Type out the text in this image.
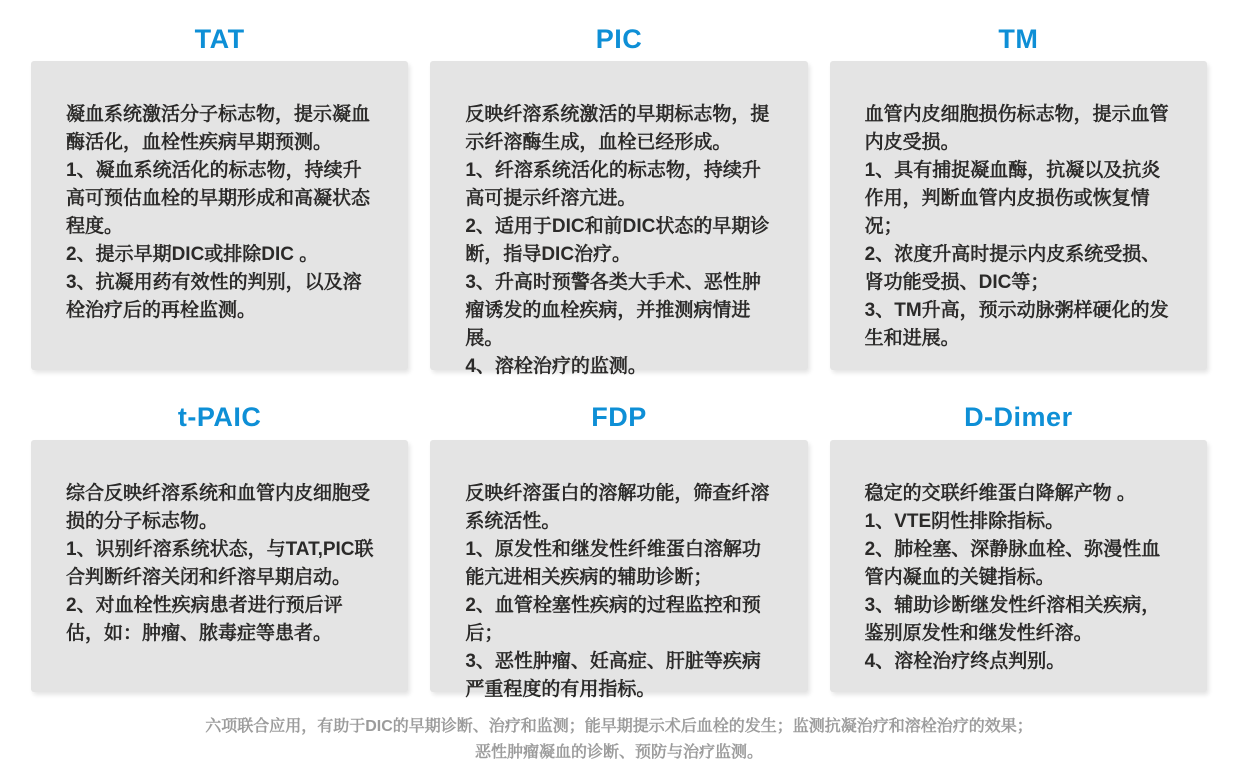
TAT

凝血系统激活分子标志物，提示凝血酶活化，血栓性疾病早期预测。

1、凝血系统活化的标志物，持续升高可预估血栓的早期形成和高凝状态程度。

2、提示早期DIC或排除DIC 。

3、抗凝用药有效性的判别，以及溶栓治疗后的再栓监测。

PIC

反映纤溶系统激活的早期标志物，提示纤溶酶生成，血栓已经形成。

1、纤溶系统活化的标志物，持续升高可提示纤溶亢进。

2、适用于DIC和前DIC状态的早期诊断，指导DIC治疗。

3、升高时预警各类大手术、恶性肿瘤诱发的血栓疾病，并推测病情进展。

4、溶栓治疗的监测。

TM

血管内皮细胞损伤标志物，提示血管内皮受损。

1、具有捕捉凝血酶，抗凝以及抗炎作用，判断血管内皮损伤或恢复情况；

2、浓度升高时提示内皮系统受损、肾功能受损、DIC等；

3、TM升高，预示动脉粥样硬化的发生和进展。

t-PAIC

综合反映纤溶系统和血管内皮细胞受损的分子标志物。

1、识别纤溶系统状态，与TAT,PIC联合判断纤溶关闭和纤溶早期启动。

2、对血栓性疾病患者进行预后评估，如：肿瘤、脓毒症等患者。

FDP

反映纤溶蛋白的溶解功能，筛查纤溶系统活性。

1、原发性和继发性纤维蛋白溶解功能亢进相关疾病的辅助诊断；

2、血管栓塞性疾病的过程监控和预后；

3、恶性肿瘤、妊高症、肝脏等疾病严重程度的有用指标。

D-Dimer

稳定的交联纤维蛋白降解产物 。

1、VTE阴性排除指标。

2、肺栓塞、深静脉血栓、弥漫性血管内凝血的关键指标。

3、辅助诊断继发性纤溶相关疾病，鉴别原发性和继发性纤溶。

4、溶栓治疗终点判别。

六项联合应用，有助于DIC的早期诊断、治疗和监测；能早期提示术后血栓的发生；监测抗凝治疗和溶栓治疗的效果；

恶性肿瘤凝血的诊断、预防与治疗监测。
